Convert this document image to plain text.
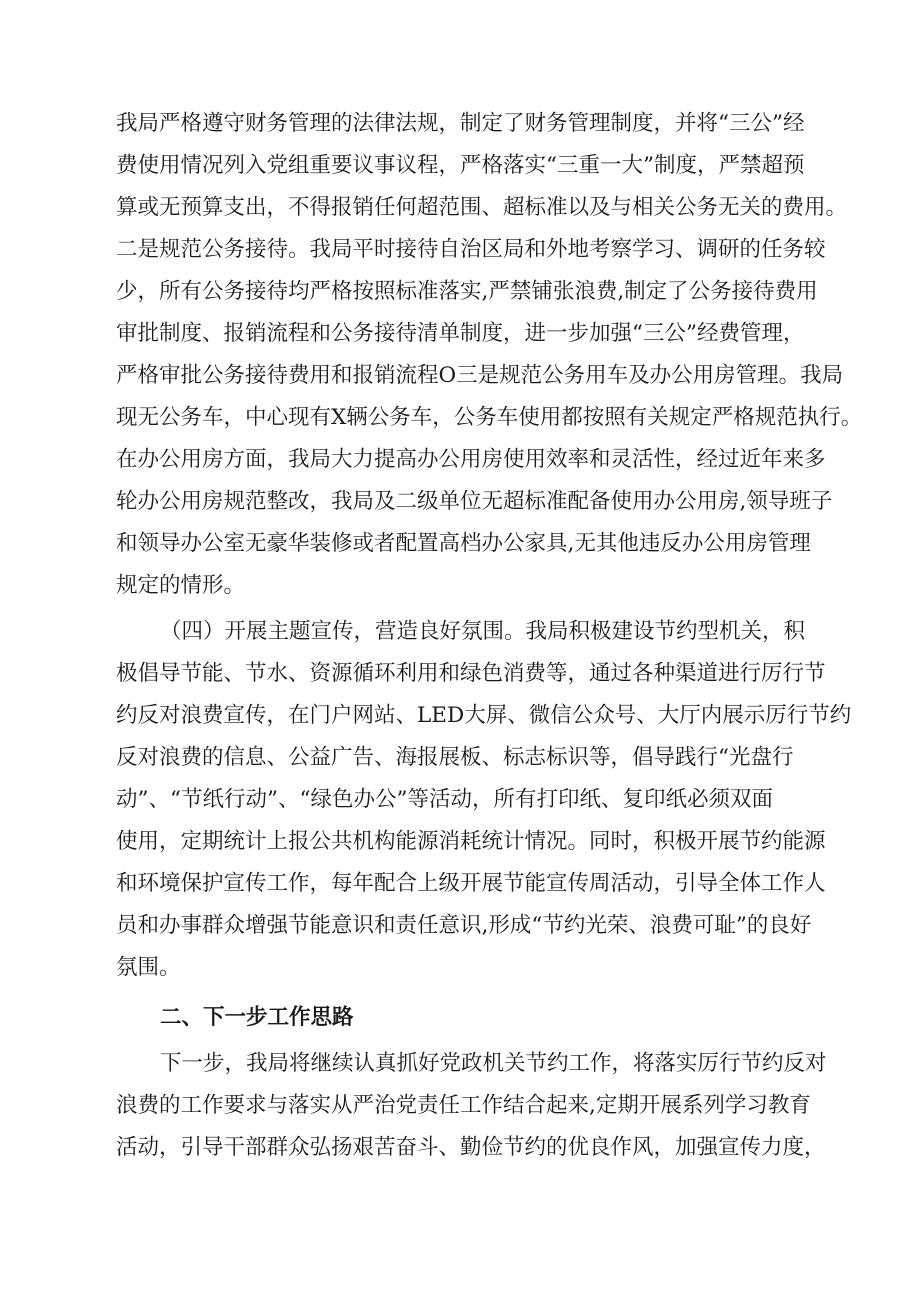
我局严格遵守财务管理的法律法规，制定了财务管理制度，并将“三公”经
费使用情况列入党组重要议事议程，严格落实“三重一大”制度，严禁超预
算或无预算支出，不得报销任何超范围、超标准以及与相关公务无关的费用。
二是规范公务接待。我局平时接待自治区局和外地考察学习、调研的任务较
少，所有公务接待均严格按照标准落实,严禁铺张浪费,制定了公务接待费用
审批制度、报销流程和公务接待清单制度，进一步加强“三公”经费管理，
严格审批公务接待费用和报销流程O三是规范公务用车及办公用房管理。我局
现无公务车，中心现有X辆公务车，公务车使用都按照有关规定严格规范执行。
在办公用房方面，我局大力提高办公用房使用效率和灵活性，经过近年来多
轮办公用房规范整改，我局及二级单位无超标准配备使用办公用房,领导班子
和领导办公室无豪华装修或者配置高档办公家具,无其他违反办公用房管理
规定的情形。
（四）开展主题宣传，营造良好氛围。我局积极建设节约型机关，积
极倡导节能、节水、资源循环利用和绿色消费等，通过各种渠道进行厉行节
约反对浪费宣传，在门户网站、LED大屏、微信公众号、大厅内展示厉行节约
反对浪费的信息、公益广告、海报展板、标志标识等，倡导践行“光盘行
动”、“节纸行动”、“绿色办公”等活动，所有打印纸、复印纸必须双面
使用，定期统计上报公共机构能源消耗统计情况。同时，积极开展节约能源
和环境保护宣传工作，每年配合上级开展节能宣传周活动，引导全体工作人
员和办事群众增强节能意识和责任意识,形成“节约光荣、浪费可耻”的良好
氛围。
二、下一步工作思路
下一步，我局将继续认真抓好党政机关节约工作，将落实厉行节约反对
浪费的工作要求与落实从严治党责任工作结合起来,定期开展系列学习教育
活动，引导干部群众弘扬艰苦奋斗、勤俭节约的优良作风，加强宣传力度，
